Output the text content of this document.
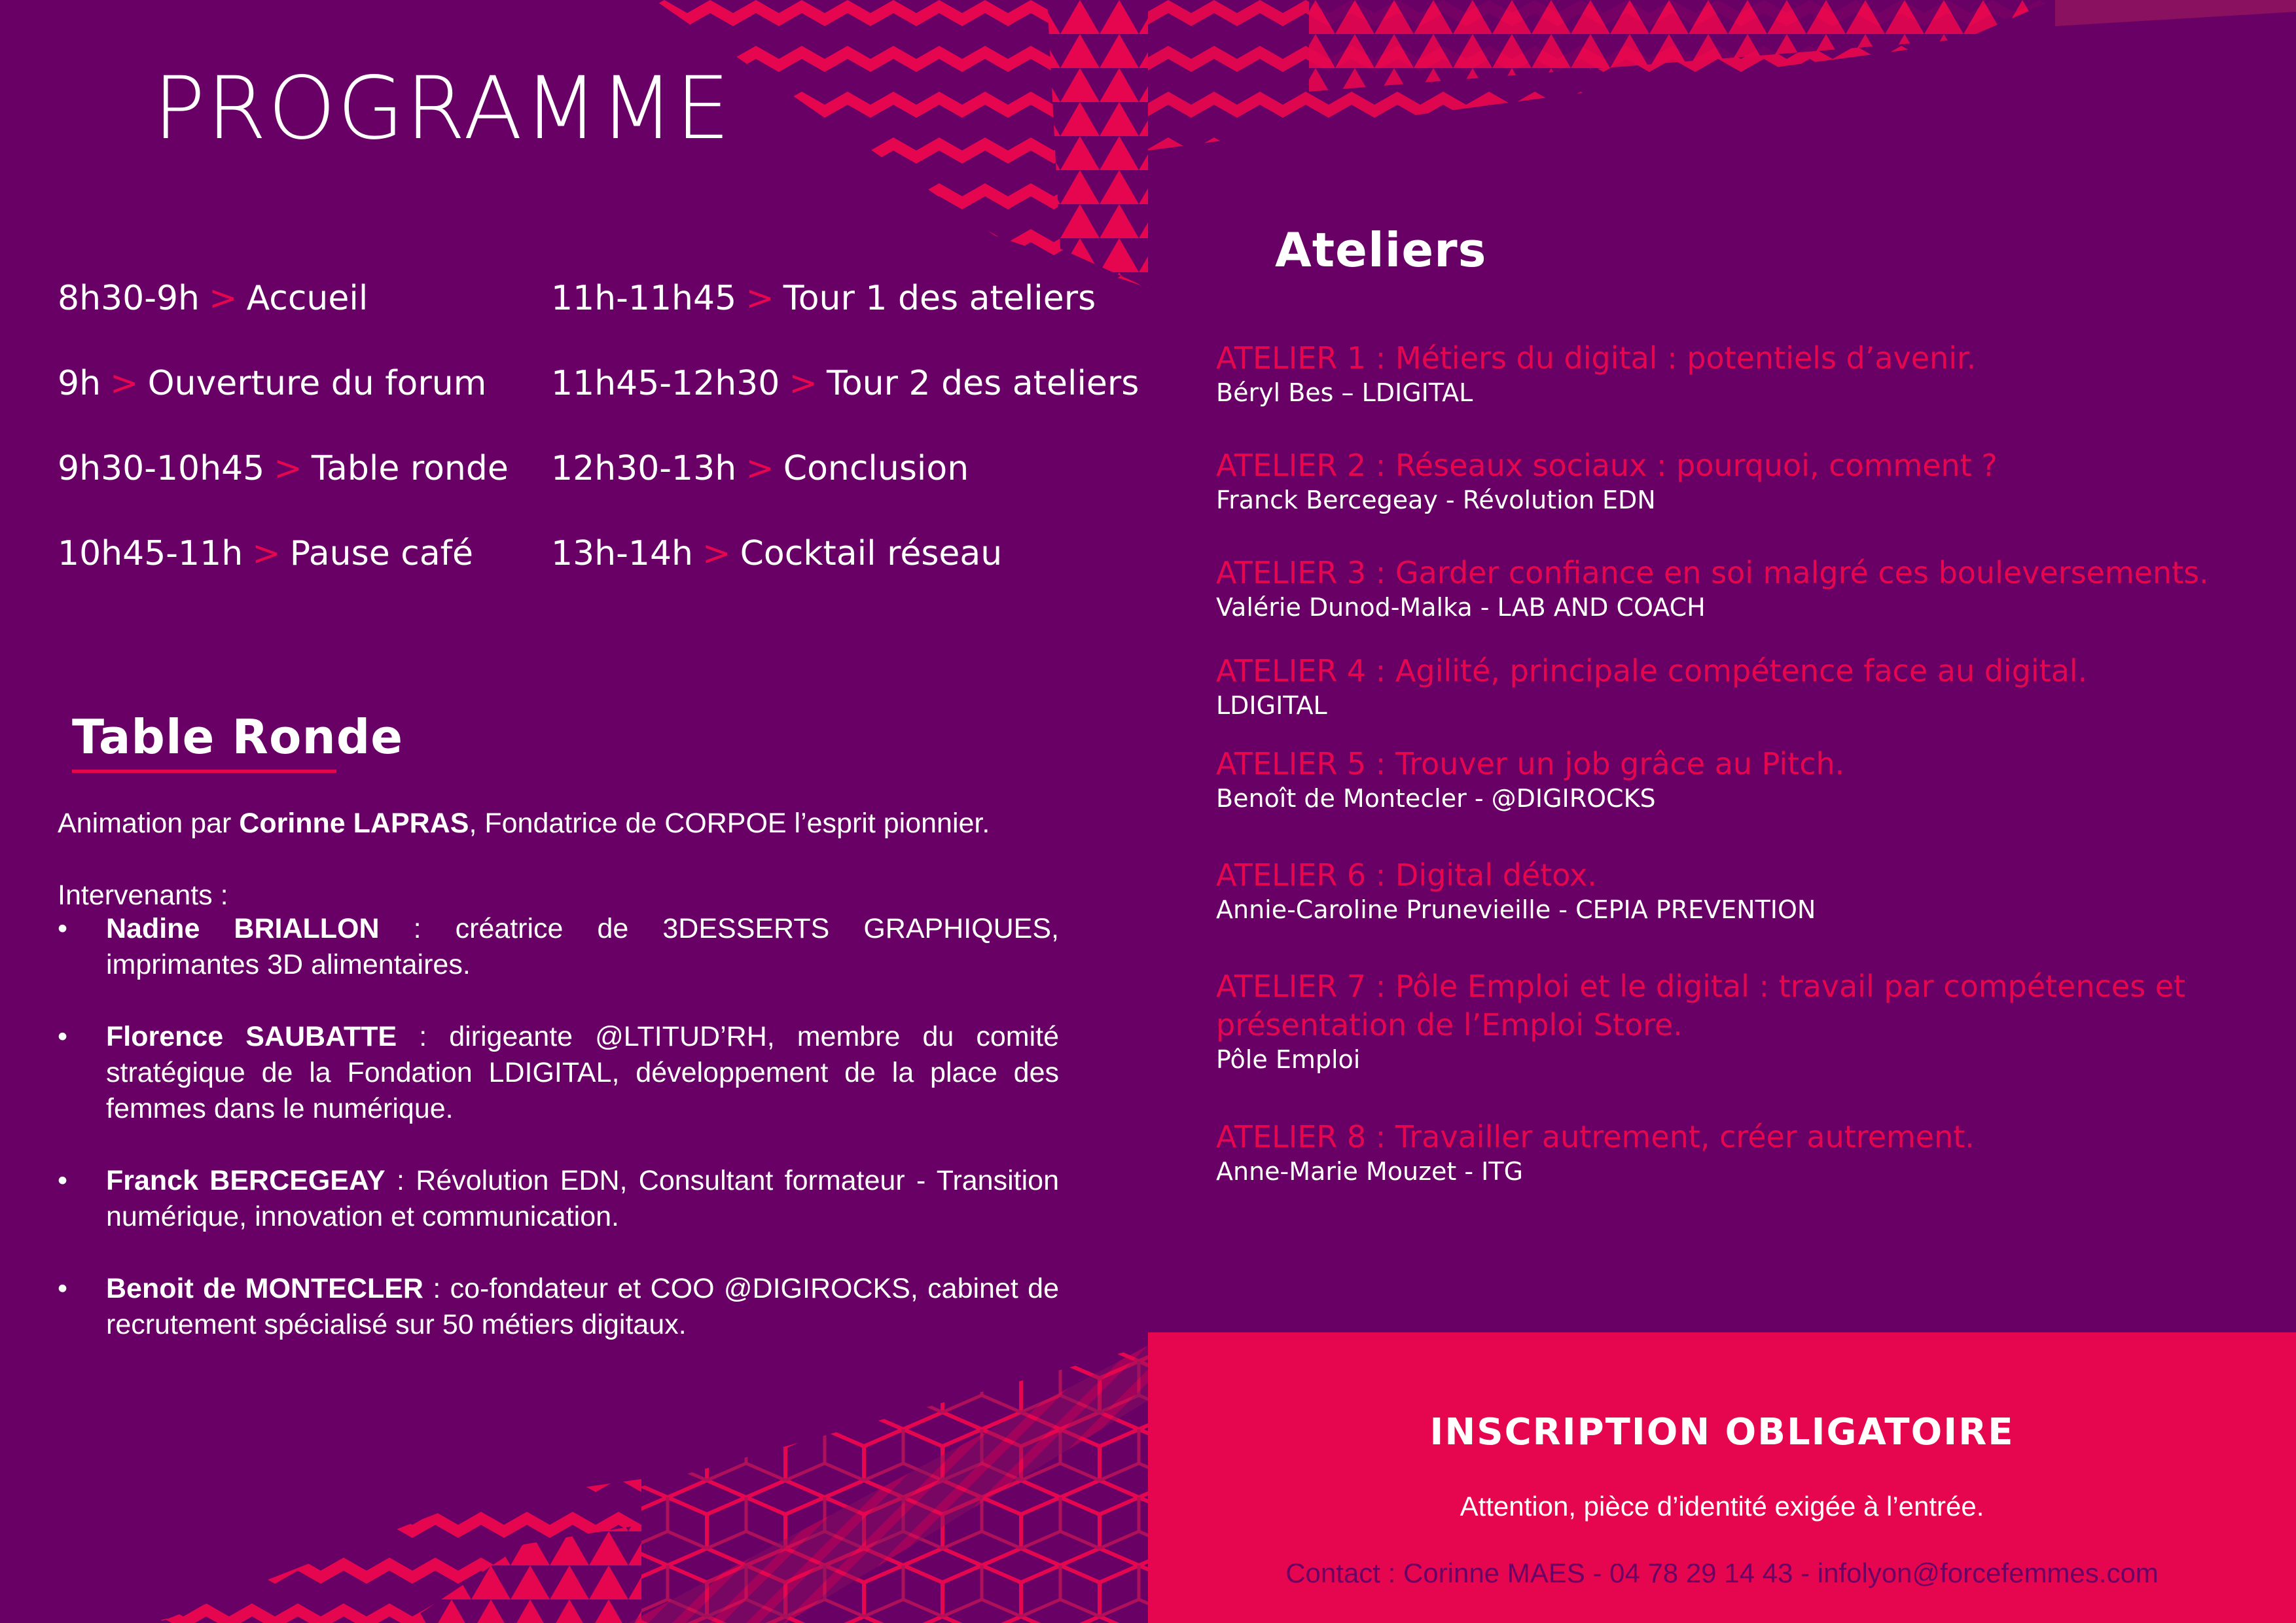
PROGRAMME
8h30-9h > Accueil
9h > Ouverture du forum
9h30-10h45 > Table ronde
10h45-11h > Pause café
11h-11h45 > Tour 1 des ateliers
11h45-12h30 > Tour 2 des ateliers
12h30-13h > Conclusion
13h-14h > Cocktail réseau
Table Ronde
Animation par Corinne LAPRAS, Fondatrice de CORPOE l’esprit pionnier.
Intervenants :
• Nadine BRIALLON : créatrice de 3DESSERTS GRAPHIQUES, imprimantes 3D alimentaires.
• Florence SAUBATTE : dirigeante @LTITUD’RH, membre du comité stratégique de la Fondation LDIGITAL, développement de la place des femmes dans le numérique.
• Franck BERCEGEAY : Révolution EDN, Consultant formateur - Transition numérique, innovation et communication.
• Benoit de MONTECLER : co-fondateur et COO @DIGIROCKS, cabinet de recrutement spécialisé sur 50 métiers digitaux.
Ateliers
ATELIER 1 : Métiers du digital : potentiels d’avenir.
Béryl Bes – LDIGITAL
ATELIER 2 : Réseaux sociaux : pourquoi, comment ?
Franck Bercegeay - Révolution EDN
ATELIER 3 : Garder confiance en soi malgré ces bouleversements.
Valérie Dunod-Malka - LAB AND COACH
ATELIER 4 : Agilité, principale compétence face au digital.
LDIGITAL
ATELIER 5 : Trouver un job grâce au Pitch.
Benoît de Montecler - @DIGIROCKS
ATELIER 6 : Digital détox.
Annie-Caroline Prunevieille - CEPIA PREVENTION
ATELIER 7 : Pôle Emploi et le digital : travail par compétences et présentation de l’Emploi Store.
Pôle Emploi
ATELIER 8 : Travailler autrement, créer autrement.
Anne-Marie Mouzet - ITG
INSCRIPTION OBLIGATOIRE
Attention, pièce d’identité exigée à l’entrée.
Contact : Corinne MAES - 04 78 29 14 43 - infolyon@forcefemmes.com
